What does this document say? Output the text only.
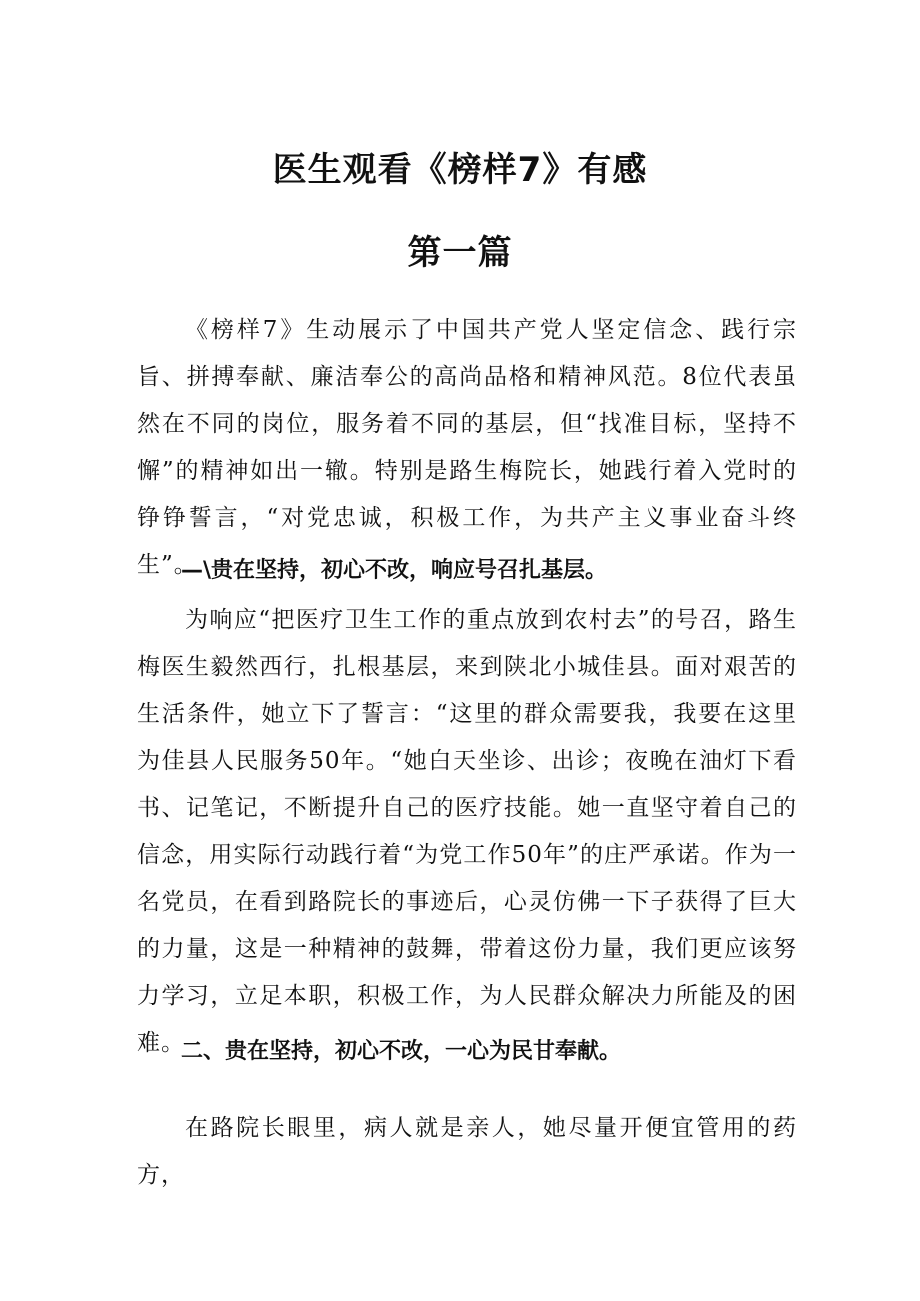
医生观看《榜样7》有感
第一篇

《榜样7》生动展示了中国共产党人坚定信念、践行宗旨、拼搏奉献、廉洁奉公的高尚品格和精神风范。8位代表虽然在不同的岗位，服务着不同的基层，但“找准目标，坚持不懈”的精神如出一辙。特别是路生梅院长，她践行着入党时的铮铮誓言，“对党忠诚，积极工作，为共产主义事业奋斗终生”。

—\贵在坚持，初心不改，响应号召扎基层。

为响应“把医疗卫生工作的重点放到农村去”的号召，路生梅医生毅然西行，扎根基层，来到陕北小城佳县。面对艰苦的生活条件，她立下了誓言：“这里的群众需要我，我要在这里为佳县人民服务50年。“她白天坐诊、出诊；夜晚在油灯下看书、记笔记，不断提升自己的医疗技能。她一直坚守着自己的信念，用实际行动践行着“为党工作50年”的庄严承诺。作为一名党员，在看到路院长的事迹后，心灵仿佛一下子获得了巨大的力量，这是一种精神的鼓舞，带着这份力量，我们更应该努力学习，立足本职，积极工作，为人民群众解决力所能及的困难。

二、贵在坚持，初心不改，一心为民甘奉献。

在路院长眼里，病人就是亲人，她尽量开便宜管用的药方，
